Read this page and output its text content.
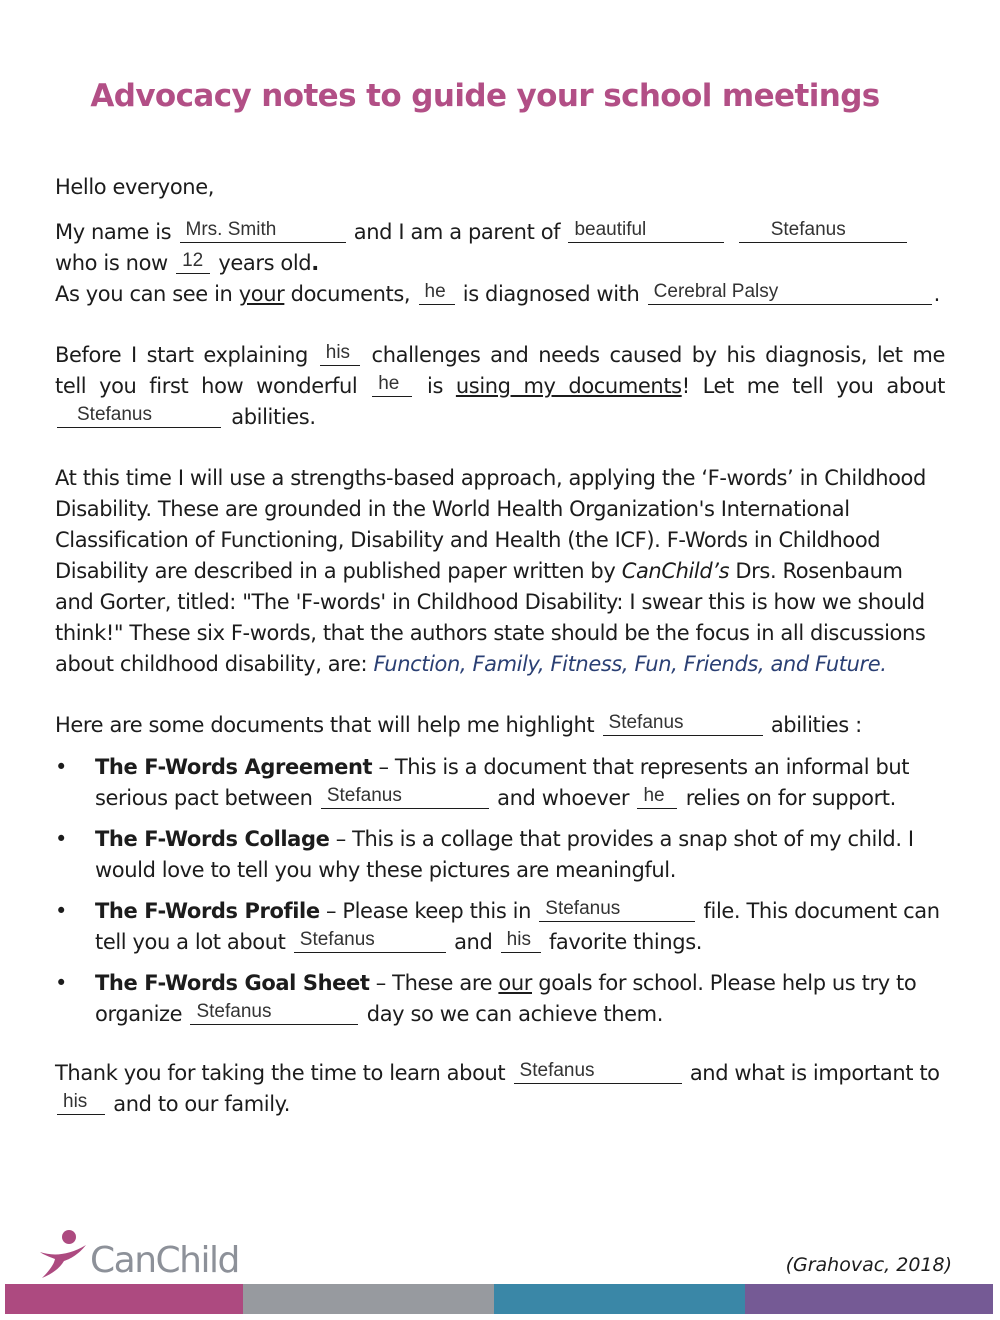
Advocacy notes to guide your school meetings

Hello everyone,

My name is Mrs. Smith	and I am a parent of beautiful
	Stefanus

who is now 12 years old.
As you can see in your documents, he is diagnosed with Cerebral Palsy	.

Before I start explaining his challenges and needs caused by his diagnosis, let me tell you first how wonderful he is using my documents! Let me tell you about
Stefanus	abilities.

At this time I will use a strengths-based approach, applying the ‘F-words’ in Childhood Disability. These are grounded in the World Health Organization's International Classification of Functioning, Disability and Health (the ICF). F-Words in Childhood Disability are described in a published paper written by CanChild’s Drs. Rosenbaum and Gorter, titled: "The 'F-words' in Childhood Disability: I swear this is how we should think!" These six F-words, that the authors state should be the focus in all discussions about childhood disability, are: Function, Family, Fitness, Fun, Friends, and Future.

Here are some documents that will help me highlight Stefanus	abilities :

• The F-Words Agreement – This is a document that represents an informal but serious pact between Stefanus	and whoever he relies on for support.
• The F-Words Collage – This is a collage that provides a snap shot of my child. I would love to tell you why these pictures are meaningful.
• The F-Words Profile – Please keep this in Stefanus	file. This document can tell you a lot about Stefanus	and his favorite things.
• The F-Words Goal Sheet – These are our goals for school. Please help us try to organize Stefanus	day so we can achieve them.

Thank you for taking the time to learn about Stefanus	and what is important to
his and to our family.

CanChild	(Grahovac, 2018)
